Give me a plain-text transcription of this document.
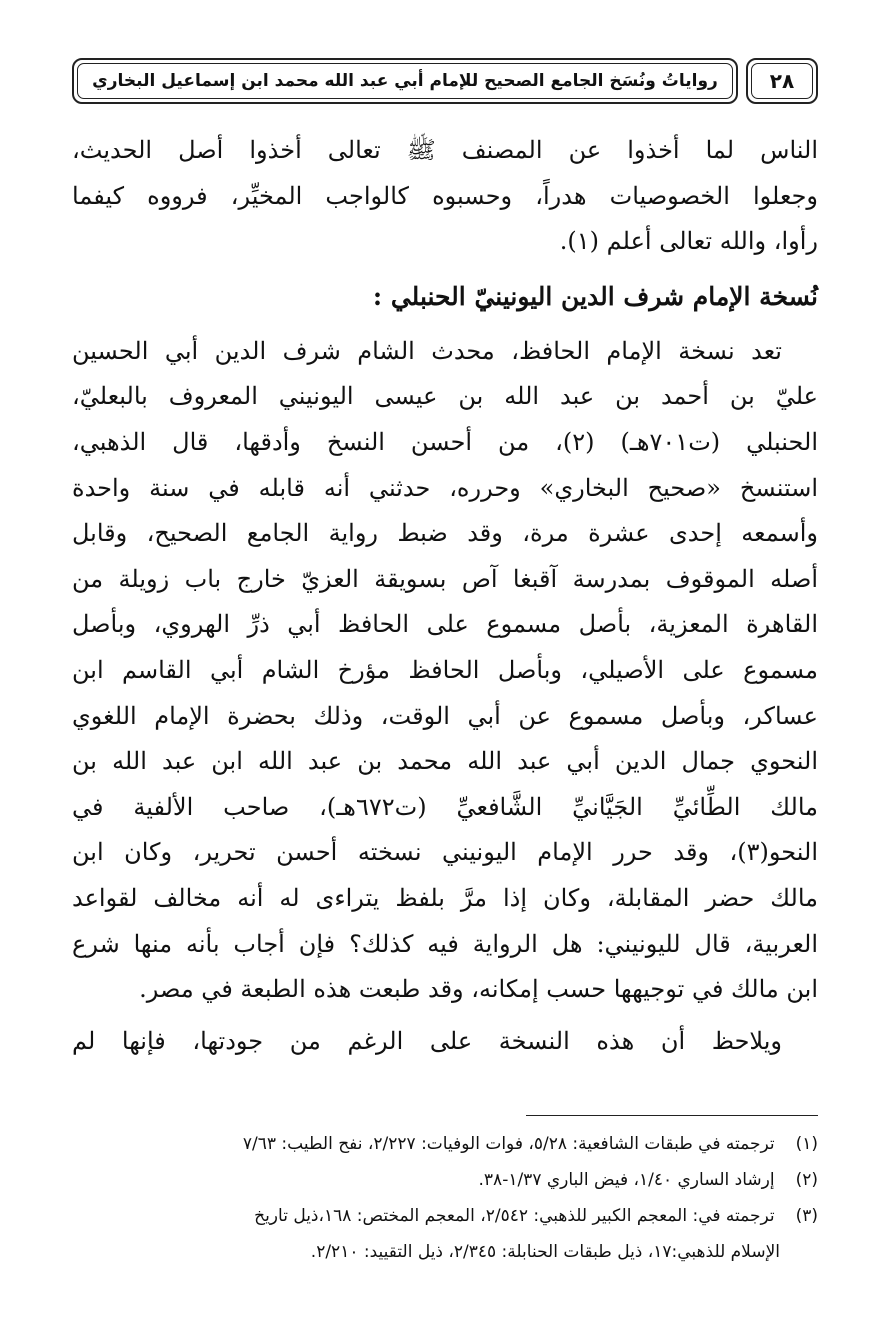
رواياتُ ونُسَخ الجامع الصحيح للإمام أبي عبد الله محمد ابن إسماعيل البخاري	٢٨
الناس لما أخذوا عن المصنف ﷺ تعالى أخذوا أصل الحديث،
وجعلوا الخصوصيات هدراً، وحسبوه كالواجب المخيِّر، فرووه كيفما
رأوا، والله تعالى أعلم (١).
نُسخة الإمام شرف الدين اليونينيّ الحنبلي :
تعد نسخة الإمام الحافظ، محدث الشام شرف الدين أبي الحسين
عليّ بن أحمد بن عبد الله بن عيسى اليونيني المعروف بالبعليّ،
الحنبلي (ت٧٠١هـ) (٢)، من أحسن النسخ وأدقها، قال الذهبي،
استنسخ «صحيح البخاري» وحرره، حدثني أنه قابله في سنة واحدة
وأسمعه إحدى عشرة مرة، وقد ضبط رواية الجامع الصحيح، وقابل
أصله الموقوف بمدرسة آقبغا آص بسويقة العزيّ خارج باب زويلة من
القاهرة المعزية، بأصل مسموع على الحافظ أبي ذرِّ الهروي، وبأصل
مسموع على الأصيلي، وبأصل الحافظ مؤرخ الشام أبي القاسم ابن
عساكر، وبأصل مسموع عن أبي الوقت، وذلك بحضرة الإمام اللغوي
النحوي جمال الدين أبي عبد الله محمد بن عبد الله ابن عبد الله بن
مالك الطِّائيِّ الجَيَّانيِّ الشَّافعيِّ (ت٦٧٢هـ)، صاحب الألفية في
النحو(٣)، وقد حرر الإمام اليونيني نسخته أحسن تحرير، وكان ابن
مالك حضر المقابلة، وكان إذا مرَّ بلفظ يتراءى له أنه مخالف لقواعد
العربية، قال لليونيني: هل الرواية فيه كذلك؟ فإن أجاب بأنه منها شرع
ابن مالك في توجيهها حسب إمكانه، وقد طبعت هذه الطبعة في مصر.
ويلاحظ أن هذه النسخة على الرغم من جودتها، فإنها لم
(١) ترجمته في طبقات الشافعية: ٥/٢٨، فوات الوفيات: ٢/٢٢٧، نفح الطيب: ٧/٦٣
(٢) إرشاد الساري ١/٤٠، فيض الباري ١/٣٧-٣٨.
(٣) ترجمته في: المعجم الكبير للذهبي: ٢/٥٤٢، المعجم المختص: ١٦٨،ذيل تاريخ
الإسلام للذهبي:١٧، ذيل طبقات الحنابلة: ٢/٣٤٥، ذيل التقييد: ٢/٢١٠.
